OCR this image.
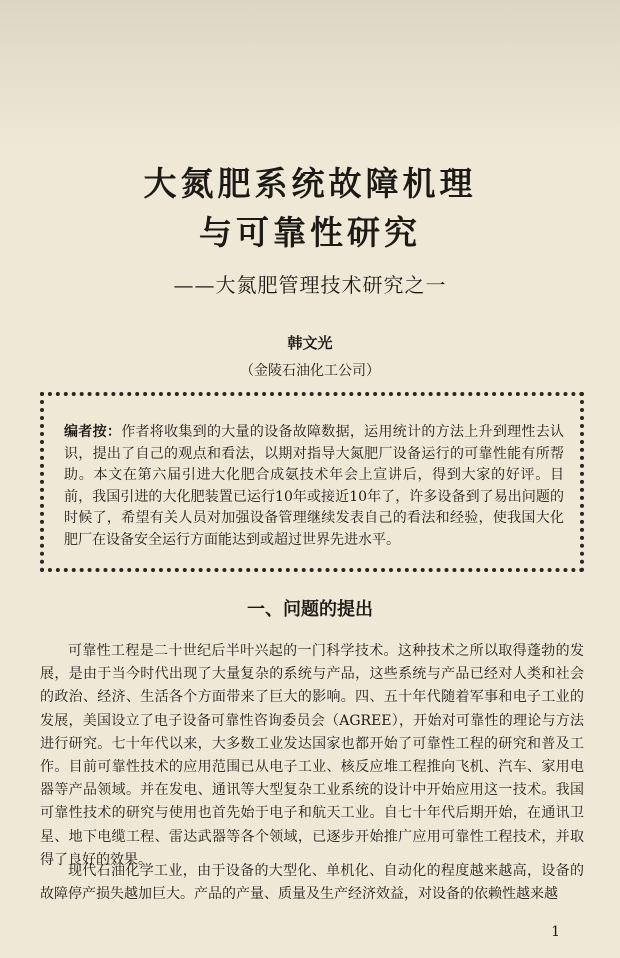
大氮肥系统故障机理
与可靠性研究

——大氮肥管理技术研究之一

韩文光
（金陵石油化工公司）

编者按：作者将收集到的大量的设备故障数据，运用统计的方法上升到理性去认识，提出了自己的观点和看法，以期对指导大氮肥厂设备运行的可靠性能有所帮助。本文在第六届引进大化肥合成氨技术年会上宣讲后，得到大家的好评。目前，我国引进的大化肥装置已运行10年或接近10年了，许多设备到了易出问题的时候了，希望有关人员对加强设备管理继续发表自己的看法和经验，使我国大化肥厂在设备安全运行方面能达到或超过世界先进水平。

一、问题的提出

可靠性工程是二十世纪后半叶兴起的一门科学技术。这种技术之所以取得蓬勃的发展，是由于当今时代出现了大量复杂的系统与产品，这些系统与产品已经对人类和社会的政治、经济、生活各个方面带来了巨大的影响。四、五十年代随着军事和电子工业的发展，美国设立了电子设备可靠性咨询委员会（AGREE），开始对可靠性的理论与方法进行研究。七十年代以来，大多数工业发达国家也都开始了可靠性工程的研究和普及工作。目前可靠性技术的应用范围已从电子工业、核反应堆工程推向飞机、汽车、家用电器等产品领域。并在发电、通讯等大型复杂工业系统的设计中开始应用这一技术。我国可靠性技术的研究与使用也首先始于电子和航天工业。自七十年代后期开始，在通讯卫星、地下电缆工程、雷达武器等各个领域，已逐步开始推广应用可靠性工程技术，并取得了良好的效果。

现代石油化学工业，由于设备的大型化、单机化、自动化的程度越来越高，设备的故障停产损失越加巨大。产品的产量、质量及生产经济效益，对设备的依赖性越来越

1
